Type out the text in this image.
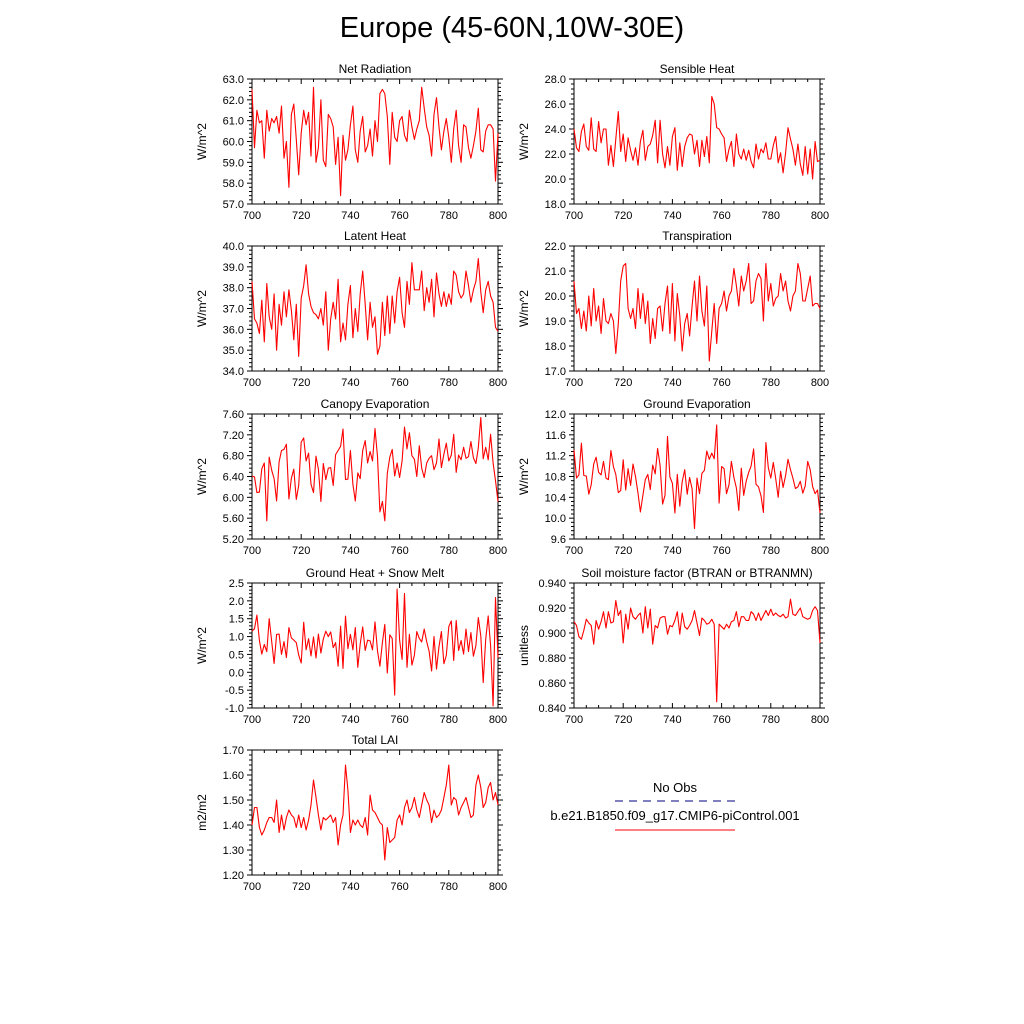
Europe (45-60N,10W-30E)
Net Radiation
W/m^2
700	720	740	760	780	800
57.0
58.0
59.0
60.0
61.0
62.0
63.0
Sensible Heat
W/m^2
700	720	740	760	780	800
18.0
20.0
22.0
24.0
26.0
28.0
Latent Heat
W/m^2
700	720	740	760	780	800
34.0
35.0
36.0
37.0
38.0
39.0
40.0
Transpiration
W/m^2
700	720	740	760	780	800
17.0
18.0
19.0
20.0
21.0
22.0
Canopy Evaporation
W/m^2
700	720	740	760	780	800
5.20
5.60
6.00
6.40
6.80
7.20
7.60
Ground Evaporation
W/m^2
700	720	740	760	780	800
9.6
10.0
10.4
10.8
11.2
11.6
12.0
Ground Heat + Snow Melt
W/m^2
700	720	740	760	780	800
-1.0
-0.5
0.0
0.5
1.0
1.5
2.0
2.5
Soil moisture factor (BTRAN or BTRANMN)
unitless
700	720	740	760	780	800
0.840
0.860
0.880
0.900
0.920
0.940
Total LAI
m2/m2
700	720	740	760	780	800
1.20
1.30
1.40
1.50
1.60
1.70
No Obs
b.e21.B1850.f09_g17.CMIP6-piControl.001
